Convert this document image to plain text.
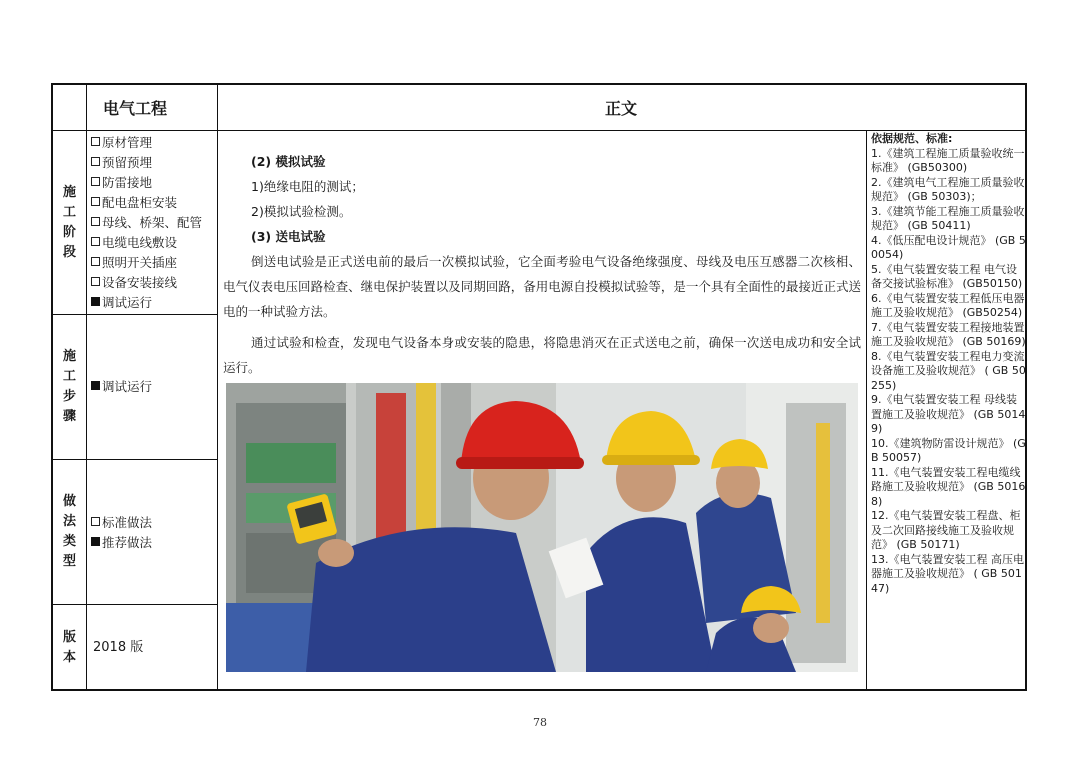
电气工程	正文
施工阶段
原材管理
预留预埋
防雷接地
配电盘柜安装
母线、桥架、配管
电缆电线敷设
照明开关插座
设备安装接线
调试运行
施工步骤
调试运行
做法类型
标准做法
推荐做法
版本
2018 版

(2) 模拟试验

1)绝缘电阻的测试；

2)模拟试验检测。

(3) 送电试验

倒送电试验是正式送电前的最后一次模拟试验，它全面考验电气设备绝缘强度、母线及电压互感器二次核相、电气仪表电压回路检查、继电保护装置以及同期回路，备用电源自投模拟试验等，是一个具有全面性的最接近正式送电的一种试验方法。

通过试验和检查，发现电气设备本身或安装的隐患，将隐患消灭在正式送电之前，确保一次送电成功和安全试运行。

依据规范、标准:
1.《建筑工程施工质量验收统一标准》 (GB50300)
2.《建筑电气工程施工质量验收规范》 (GB 50303)；
3.《建筑节能工程施工质量验收规范》 (GB 50411)
4.《低压配电设计规范》 (GB 50054)
5.《电气装置安装工程 电气设备交接试验标准》 (GB50150)
6.《电气装置安装工程低压电器施工及验收规范》 (GB50254)
7.《电气装置安装工程接地装置施工及验收规范》 (GB 50169)
8.《电气装置安装工程电力变流设备施工及验收规范》 ( GB 50255)
9.《电气装置安装工程 母线装置施工及验收规范》 (GB 50149)
10.《建筑物防雷设计规范》 (GB 50057)
11.《电气装置安装工程电缆线路施工及验收规范》 (GB 50168)
12.《电气装置安装工程盘、柜及二次回路接线施工及验收规范》 (GB 50171)
13.《电气装置安装工程 高压电器施工及验收规范》 ( GB 50147)
78
